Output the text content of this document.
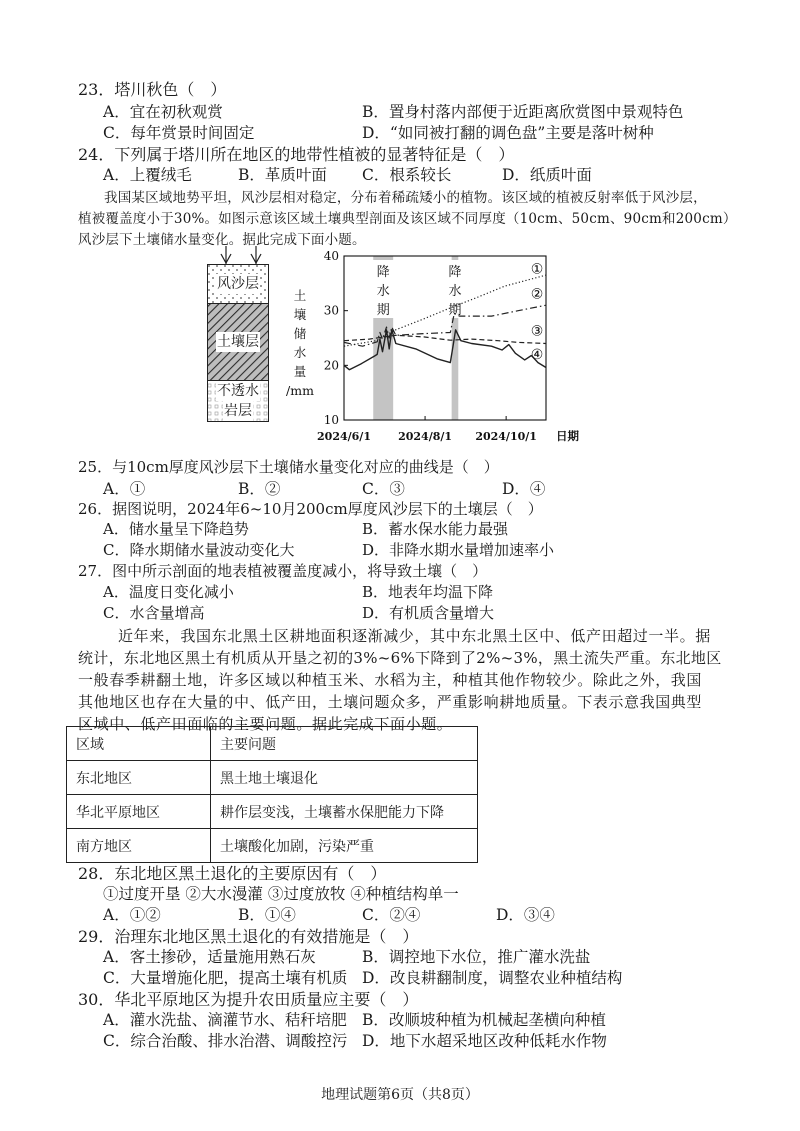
23．塔川秋色（　）
A．宜在初秋观赏	B．置身村落内部便于近距离欣赏图中景观特色
C．每年赏景时间固定	D．“如同被打翻的调色盘”主要是落叶树种
24．下列属于塔川所在地区的地带性植被的显著特征是（　）
A．上覆绒毛	B．革质叶面 C．根系较长	D．纸质叶面
我国某区域地势平坦，风沙层相对稳定，分布着稀疏矮小的植物。该区域的植被反射率低于风沙层，
植被覆盖度小于30%。如图示意该区域土壤典型剖面及该区域不同厚度（10cm、50cm、90cm和200cm）
风沙层下土壤储水量变化。据此完成下面小题。
风沙层
土壤层
不透水
岩层
降
水
期
降
水
期
10
20
30
40
土
壤
储
水
量
/mm
2024/6/1 2024/8/1 2024/10/1 日期
①
②
③
④
25．与10cm厚度风沙层下土壤储水量变化对应的曲线是（　）
A．①	B．②	C．③	D．④
26．据图说明，2024年6~10月200cm厚度风沙层下的土壤层（　）
A．储水量呈下降趋势	B．蓄水保水能力最强
C．降水期储水量波动变化大	D．非降水期水量增加速率小
27．图中所示剖面的地表植被覆盖度减小，将导致土壤（　）
A．温度日变化减小	B．地表年均温下降
C．水含量增高	D．有机质含量增大
近年来，我国东北黑土区耕地面积逐渐减少，其中东北黑土区中、低产田超过一半。据
统计，东北地区黑土有机质从开垦之初的3%~6%下降到了2%~3%，黑土流失严重。东北地区
一般春季耕翻土地，许多区域以种植玉米、水稻为主，种植其他作物较少。除此之外，我国
其他地区也存在大量的中、低产田，土壤问题众多，严重影响耕地质量。下表示意我国典型
区域中、低产田面临的主要问题。据此完成下面小题。
区域	主要问题
东北地区	黑土地土壤退化
华北平原地区	耕作层变浅，土壤蓄水保肥能力下降
南方地区	土壤酸化加剧，污染严重
28．东北地区黑土退化的主要原因有（　）
①过度开垦 ②大水漫灌 ③过度放牧 ④种植结构单一
A．①②	B．①④	C．②④	D．③④
29．治理东北地区黑土退化的有效措施是（　）
A．客土掺砂，适量施用熟石灰	B．调控地下水位，推广灌水洗盐
C．大量增施化肥，提高土壤有机质 D．改良耕翻制度，调整农业种植结构
30．华北平原地区为提升农田质量应主要（　）
A．灌水洗盐、滴灌节水、秸秆培肥 B．改顺坡种植为机械起垄横向种植
C．综合治酸、排水治潜、调酸控污 D．地下水超采地区改种低耗水作物
地理试题第6页（共8页）
